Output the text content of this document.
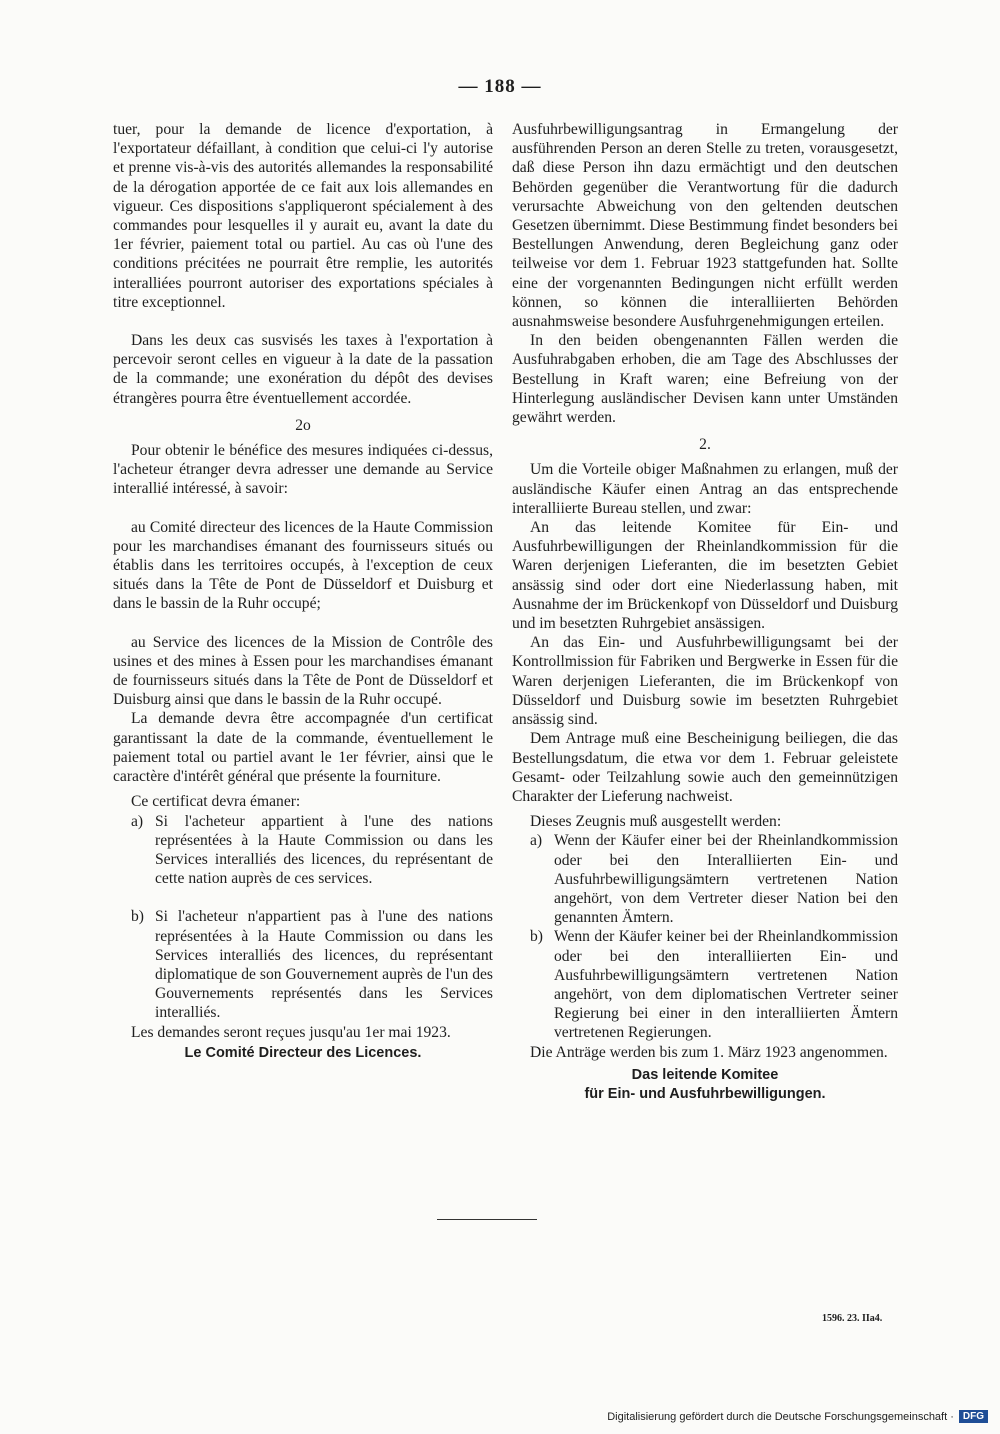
— 188 —

tuer, pour la demande de licence d'exportation, à l'exportateur défaillant, à condition que celui-ci l'y autorise et prenne vis-à-vis des autorités allemandes la responsabilité de la dérogation apportée de ce fait aux lois allemandes en vigueur. Ces dispositions s'appliqueront spécialement à des commandes pour lesquelles il y aurait eu, avant la date du 1er février, paiement total ou partiel. Au cas où l'une des conditions précitées ne pourrait être remplie, les autorités interalliées pourront autoriser des exportations spéciales à titre exceptionnel.

Dans les deux cas susvisés les taxes à l'exportation à percevoir seront celles en vigueur à la date de la passation de la commande; une exonération du dépôt des devises étrangères pourra être éventuellement accordée.

2o

Pour obtenir le bénéfice des mesures indiquées ci-dessus, l'acheteur étranger devra adresser une demande au Service interallié intéressé, à savoir:

au Comité directeur des licences de la Haute Commission pour les marchandises émanant des fournisseurs situés ou établis dans les territoires occupés, à l'exception de ceux situés dans la Tête de Pont de Düsseldorf et Duisburg et dans le bassin de la Ruhr occupé;

au Service des licences de la Mission de Contrôle des usines et des mines à Essen pour les marchandises émanant de fournisseurs situés dans la Tête de Pont de Düsseldorf et Duisburg ainsi que dans le bassin de la Ruhr occupé.

La demande devra être accompagnée d'un certificat garantissant la date de la commande, éventuellement le paiement total ou partiel avant le 1er février, ainsi que le caractère d'intérêt général que présente la fourniture.

Ce certificat devra émaner:

a) Si l'acheteur appartient à l'une des nations représentées à la Haute Commission ou dans les Services interalliés des licences, du représentant de cette nation auprès de ces services.
b) Si l'acheteur n'appartient pas à l'une des nations représentées à la Haute Commission ou dans les Services interalliés des licences, du représentant diplomatique de son Gouvernement auprès de l'un des Gouvernements représentés dans les Services interalliés.

Les demandes seront reçues jusqu'au 1er mai 1923.

Le Comité Directeur des Licences.

Ausfuhrbewilligungsantrag in Ermangelung der ausführenden Person an deren Stelle zu treten, vorausgesetzt, daß diese Person ihn dazu ermächtigt und den deutschen Behörden gegenüber die Verantwortung für die dadurch verursachte Abweichung von den geltenden deutschen Gesetzen übernimmt. Diese Bestimmung findet besonders bei Bestellungen Anwendung, deren Begleichung ganz oder teilweise vor dem 1. Februar 1923 stattgefunden hat. Sollte eine der vorgenannten Bedingungen nicht erfüllt werden können, so können die interalliierten Behörden ausnahmsweise besondere Ausfuhrgenehmigungen erteilen.

In den beiden obengenannten Fällen werden die Ausfuhrabgaben erhoben, die am Tage des Abschlusses der Bestellung in Kraft waren; eine Befreiung von der Hinterlegung ausländischer Devisen kann unter Umständen gewährt werden.

2.

Um die Vorteile obiger Maßnahmen zu erlangen, muß der ausländische Käufer einen Antrag an das entsprechende interalliierte Bureau stellen, und zwar:

An das leitende Komitee für Ein- und Ausfuhrbewilligungen der Rheinlandkommission für die Waren derjenigen Lieferanten, die im besetzten Gebiet ansässig sind oder dort eine Niederlassung haben, mit Ausnahme der im Brückenkopf von Düsseldorf und Duisburg und im besetzten Ruhrgebiet ansässigen.

An das Ein- und Ausfuhrbewilligungsamt bei der Kontrollmission für Fabriken und Bergwerke in Essen für die Waren derjenigen Lieferanten, die im Brückenkopf von Düsseldorf und Duisburg sowie im besetzten Ruhrgebiet ansässig sind.

Dem Antrage muß eine Bescheinigung beiliegen, die das Bestellungsdatum, die etwa vor dem 1. Februar geleistete Gesamt- oder Teilzahlung sowie auch den gemeinnützigen Charakter der Lieferung nachweist.

Dieses Zeugnis muß ausgestellt werden:

a) Wenn der Käufer einer bei der Rheinlandkommission oder bei den Interalliierten Ein- und Ausfuhrbewilligungsämtern vertretenen Nation angehört, von dem Vertreter dieser Nation bei den genannten Ämtern.
b) Wenn der Käufer keiner bei der Rheinlandkommission oder bei den interalliierten Ein- und Ausfuhrbewilligungsämtern vertretenen Nation angehört, von dem diplomatischen Vertreter seiner Regierung bei einer in den interalliierten Ämtern vertretenen Regierungen.

Die Anträge werden bis zum 1. März 1923 angenommen.

Das leitende Komitee

für Ein- und Ausfuhrbewilligungen.

1596. 23. IIa4.
Digitalisierung gefördert durch die Deutsche Forschungsgemeinschaft · DFG
